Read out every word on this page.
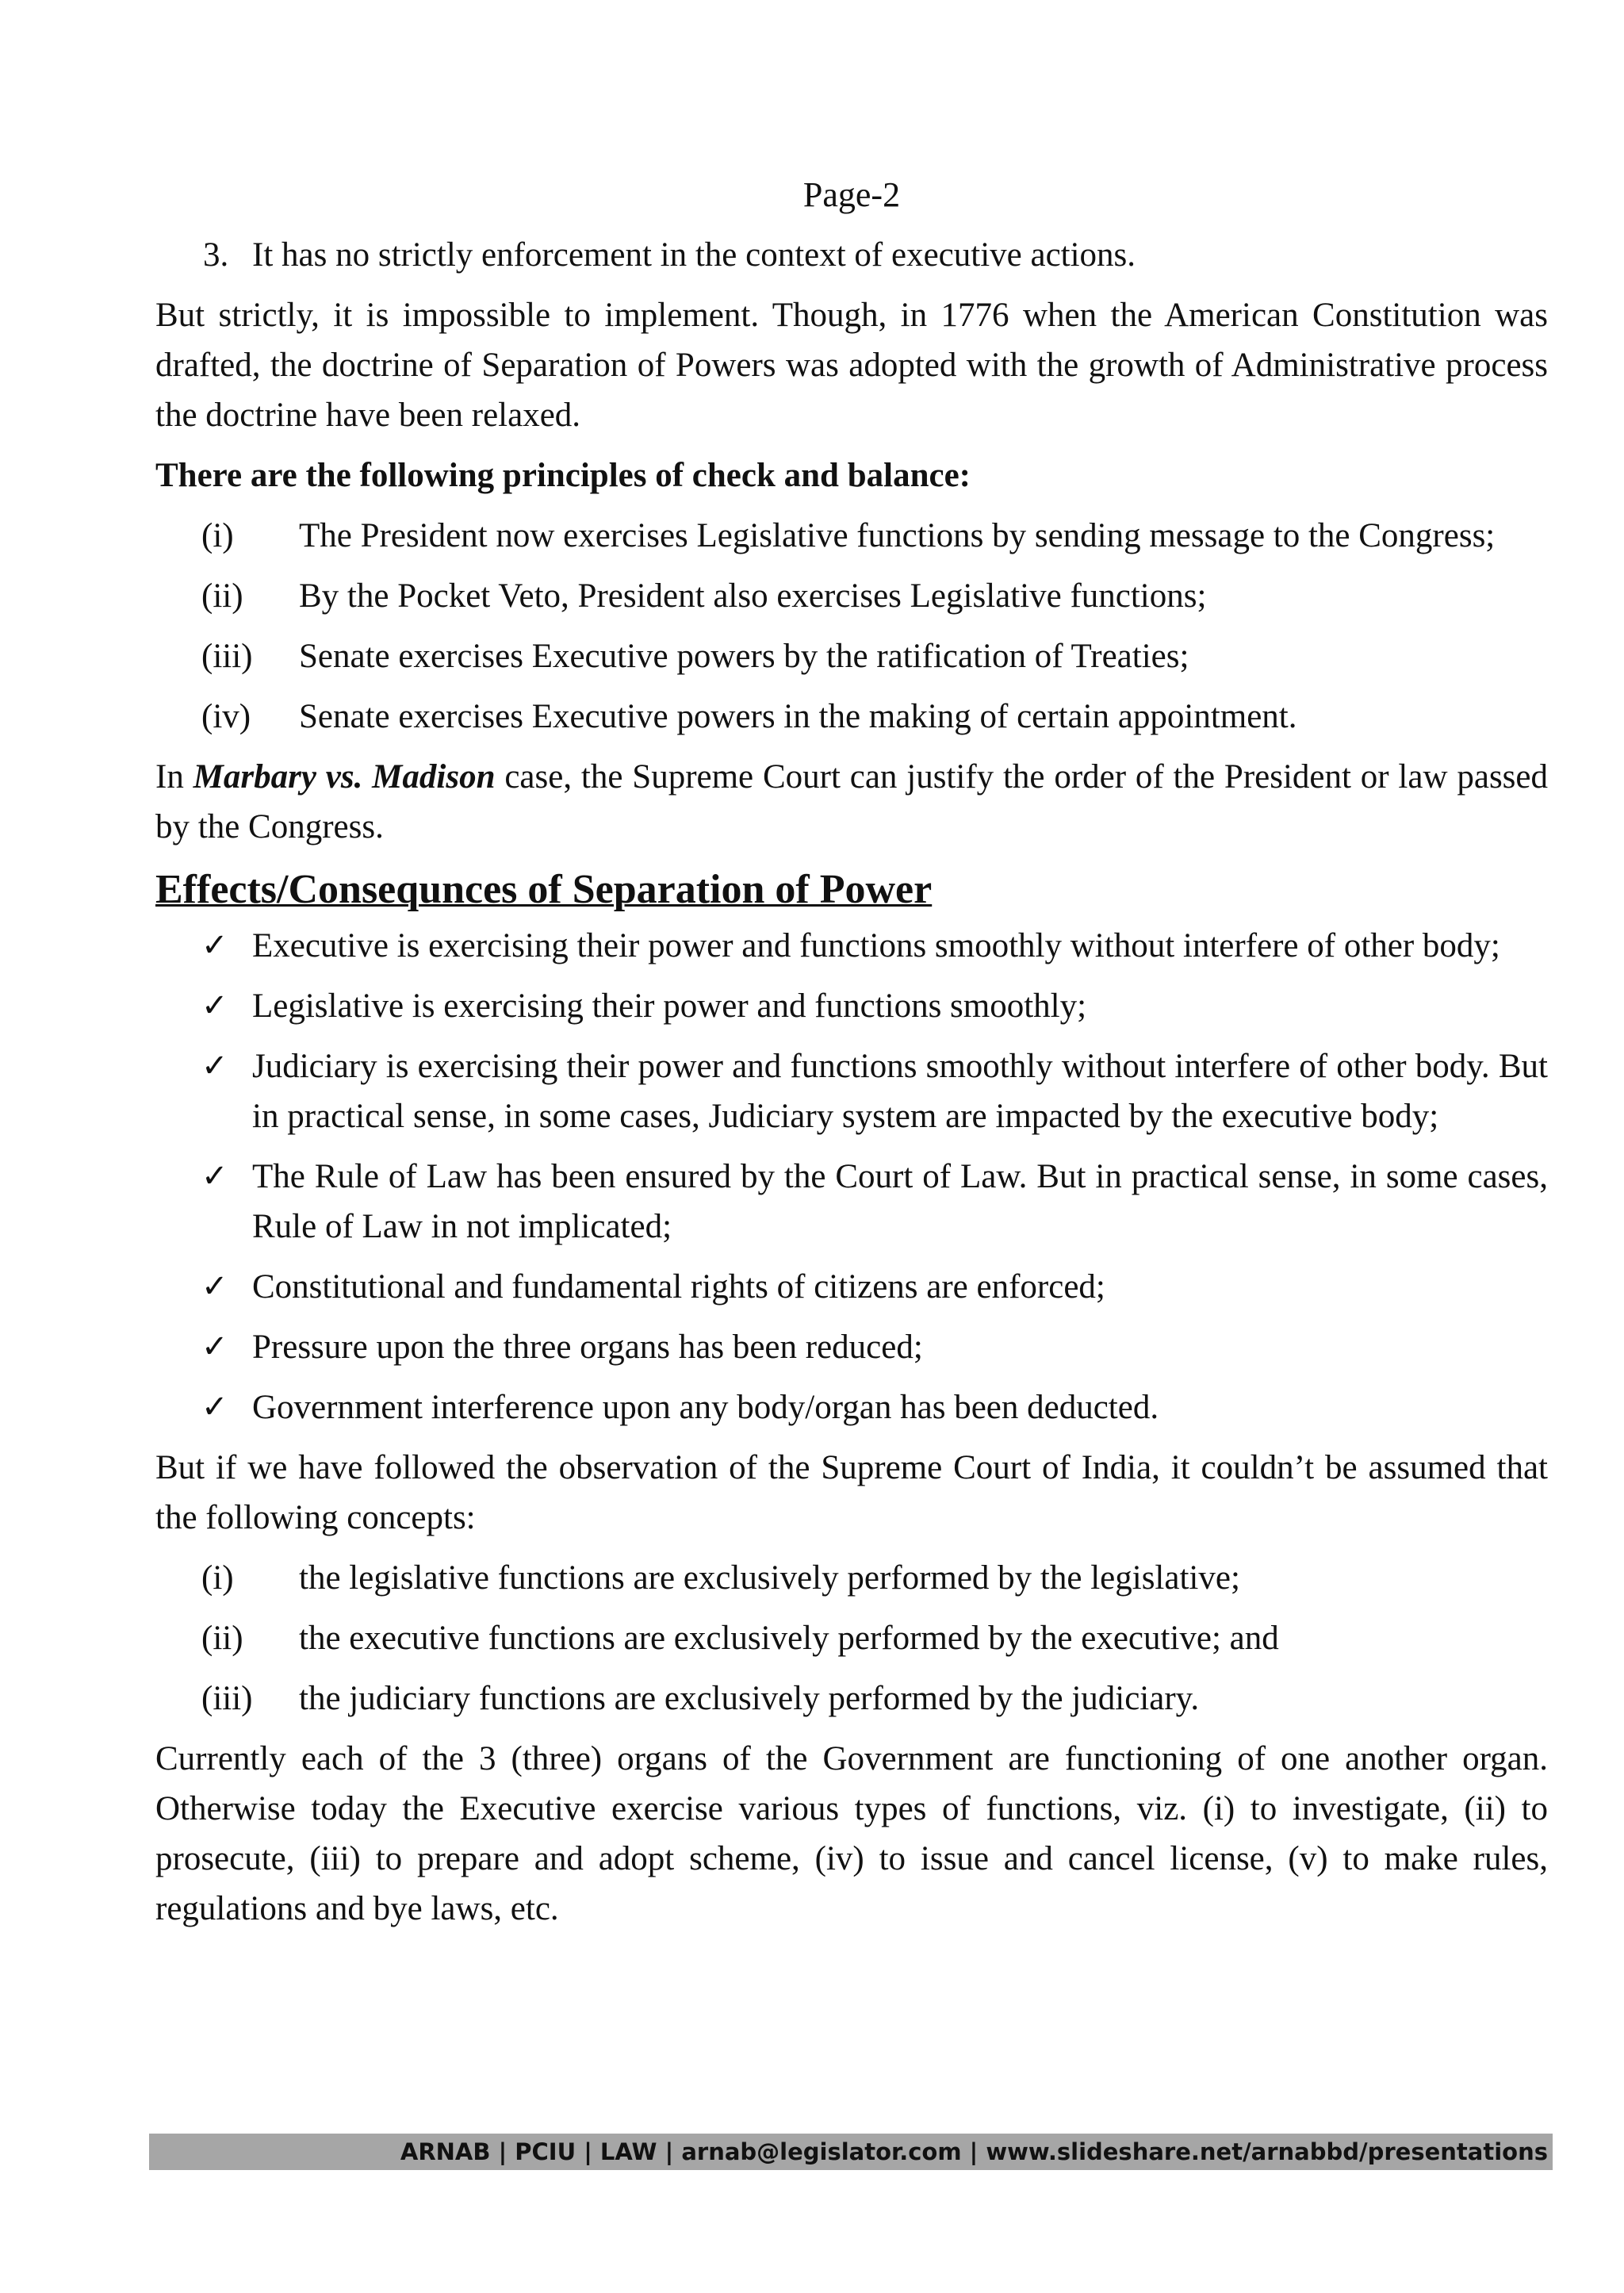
Page-2

3. It has no strictly enforcement in the context of executive actions.

But strictly, it is impossible to implement. Though, in 1776 when the American Constitution was drafted, the doctrine of Separation of Powers was adopted with the growth of Administrative process the doctrine have been relaxed.

There are the following principles of check and balance:

(i) The President now exercises Legislative functions by sending message to the Congress;
(ii) By the Pocket Veto, President also exercises Legislative functions;
(iii) Senate exercises Executive powers by the ratification of Treaties;
(iv) Senate exercises Executive powers in the making of certain appointment.

In Marbary vs. Madison case, the Supreme Court can justify the order of the President or law passed by the Congress.

Effects/Consequnces of Separation of Power
✓ Executive is exercising their power and functions smoothly without interfere of other body;
✓ Legislative is exercising their power and functions smoothly;
✓ Judiciary is exercising their power and functions smoothly without interfere of other body. But in practical sense, in some cases, Judiciary system are impacted by the executive body;
✓ The Rule of Law has been ensured by the Court of Law. But in practical sense, in some cases, Rule of Law in not implicated;
✓ Constitutional and fundamental rights of citizens are enforced;
✓ Pressure upon the three organs has been reduced;
✓ Government interference upon any body/organ has been deducted.

But if we have followed the observation of the Supreme Court of India, it couldn’t be assumed that the following concepts:

(i) the legislative functions are exclusively performed by the legislative;
(ii) the executive functions are exclusively performed by the executive; and
(iii) the judiciary functions are exclusively performed by the judiciary.

Currently each of the 3 (three) organs of the Government are functioning of one another organ. Otherwise today the Executive exercise various types of functions, viz. (i) to investigate, (ii) to prosecute, (iii) to prepare and adopt scheme, (iv) to issue and cancel license, (v) to make rules, regulations and bye laws, etc.

ARNAB | PCIU | LAW | arnab@legislator.com | www.slideshare.net/arnabbd/presentations
